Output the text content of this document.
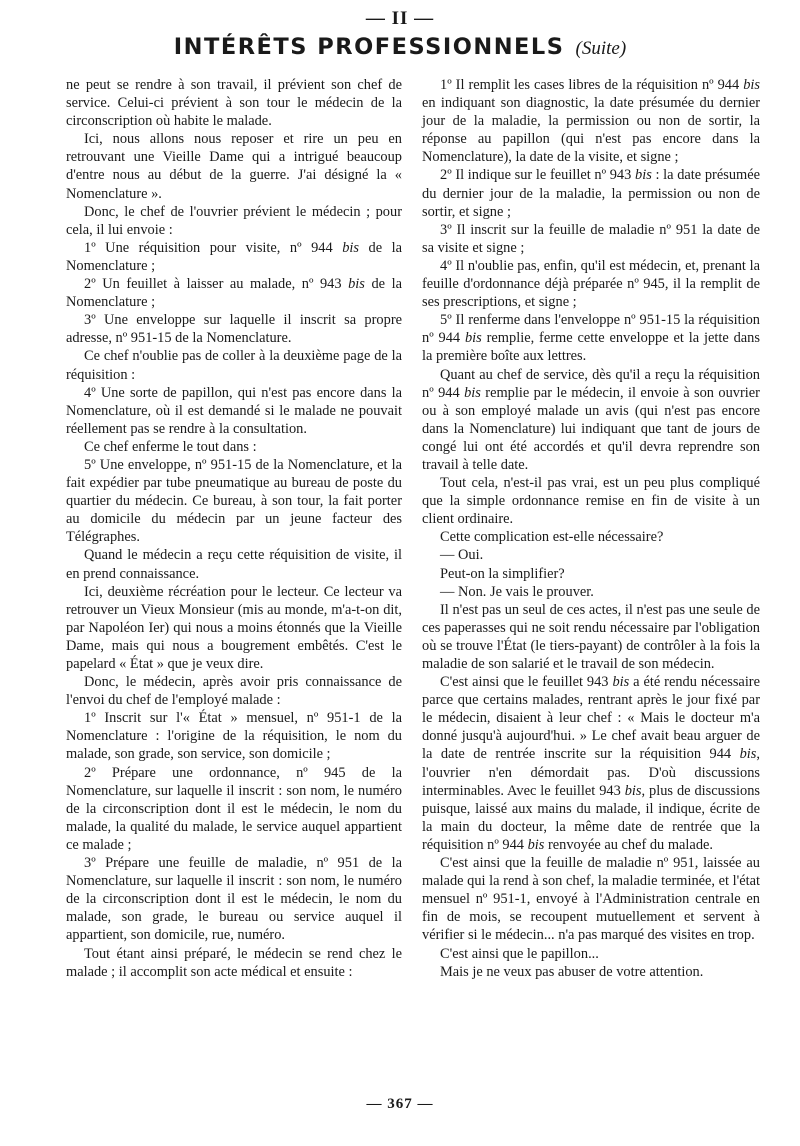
— II —
INTÉRÊTS PROFESSIONNELS (Suite)

ne peut se rendre à son travail, il prévient son chef de service. Celui-ci prévient à son tour le médecin de la circonscription où habite le malade.

Ici, nous allons nous reposer et rire un peu en retrouvant une Vieille Dame qui a intrigué beaucoup d'entre nous au début de la guerre. J'ai désigné la « Nomenclature ».

Donc, le chef de l'ouvrier prévient le médecin ; pour cela, il lui envoie :

1º Une réquisition pour visite, nº 944 bis de la Nomenclature ;

2º Un feuillet à laisser au malade, nº 943 bis de la Nomenclature ;

3º Une enveloppe sur laquelle il inscrit sa propre adresse, nº 951-15 de la Nomenclature.

Ce chef n'oublie pas de coller à la deuxième page de la réquisition :

4º Une sorte de papillon, qui n'est pas encore dans la Nomenclature, où il est demandé si le malade ne pouvait réellement pas se rendre à la consultation.

Ce chef enferme le tout dans :

5º Une enveloppe, nº 951-15 de la Nomenclature, et la fait expédier par tube pneumatique au bureau de poste du quartier du médecin. Ce bureau, à son tour, la fait porter au domicile du médecin par un jeune facteur des Télégraphes.

Quand le médecin a reçu cette réquisition de visite, il en prend connaissance.

Ici, deuxième récréation pour le lecteur. Ce lecteur va retrouver un Vieux Monsieur (mis au monde, m'a-t-on dit, par Napoléon Ier) qui nous a moins étonnés que la Vieille Dame, mais qui nous a bougrement embêtés. C'est le papelard « État » que je veux dire.

Donc, le médecin, après avoir pris connaissance de l'envoi du chef de l'employé malade :

1º Inscrit sur l'« État » mensuel, nº 951-1 de la Nomenclature : l'origine de la réquisition, le nom du malade, son grade, son service, son domicile ;

2º Prépare une ordonnance, nº 945 de la Nomenclature, sur laquelle il inscrit : son nom, le numéro de la circonscription dont il est le médecin, le nom du malade, la qualité du malade, le service auquel appartient ce malade ;

3º Prépare une feuille de maladie, nº 951 de la Nomenclature, sur laquelle il inscrit : son nom, le numéro de la circonscription dont il est le médecin, le nom du malade, son grade, le bureau ou service auquel il appartient, son domicile, rue, numéro.

Tout étant ainsi préparé, le médecin se rend chez le malade ; il accomplit son acte médical et ensuite :

1º Il remplit les cases libres de la réquisition nº 944 bis en indiquant son diagnostic, la date présumée du dernier jour de la maladie, la permission ou non de sortir, la réponse au papillon (qui n'est pas encore dans la Nomenclature), la date de la visite, et signe ;

2º Il indique sur le feuillet nº 943 bis : la date présumée du dernier jour de la maladie, la permission ou non de sortir, et signe ;

3º Il inscrit sur la feuille de maladie nº 951 la date de sa visite et signe ;

4º Il n'oublie pas, enfin, qu'il est médecin, et, prenant la feuille d'ordonnance déjà préparée nº 945, il la remplit de ses prescriptions, et signe ;

5º Il renferme dans l'enveloppe nº 951-15 la réquisition nº 944 bis remplie, ferme cette enveloppe et la jette dans la première boîte aux lettres.

Quant au chef de service, dès qu'il a reçu la réquisition nº 944 bis remplie par le médecin, il envoie à son ouvrier ou à son employé malade un avis (qui n'est pas encore dans la Nomenclature) lui indiquant que tant de jours de congé lui ont été accordés et qu'il devra reprendre son travail à telle date.

Tout cela, n'est-il pas vrai, est un peu plus compliqué que la simple ordonnance remise en fin de visite à un client ordinaire.

Cette complication est-elle nécessaire?

— Oui.

Peut-on la simplifier?

— Non. Je vais le prouver.

Il n'est pas un seul de ces actes, il n'est pas une seule de ces paperasses qui ne soit rendu nécessaire par l'obligation où se trouve l'État (le tiers-payant) de contrôler à la fois la maladie de son salarié et le travail de son médecin.

C'est ainsi que le feuillet 943 bis a été rendu nécessaire parce que certains malades, rentrant après le jour fixé par le médecin, disaient à leur chef : « Mais le docteur m'a donné jusqu'à aujourd'hui. » Le chef avait beau arguer de la date de rentrée inscrite sur la réquisition 944 bis, l'ouvrier n'en démordait pas. D'où discussions interminables. Avec le feuillet 943 bis, plus de discussions puisque, laissé aux mains du malade, il indique, écrite de la main du docteur, la même date de rentrée que la réquisition nº 944 bis renvoyée au chef du malade.

C'est ainsi que la feuille de maladie nº 951, laissée au malade qui la rend à son chef, la maladie terminée, et l'état mensuel nº 951-1, envoyé à l'Administration centrale en fin de mois, se recoupent mutuellement et servent à vérifier si le médecin... n'a pas marqué des visites en trop.

C'est ainsi que le papillon...

Mais je ne veux pas abuser de votre attention.

— 367 —
